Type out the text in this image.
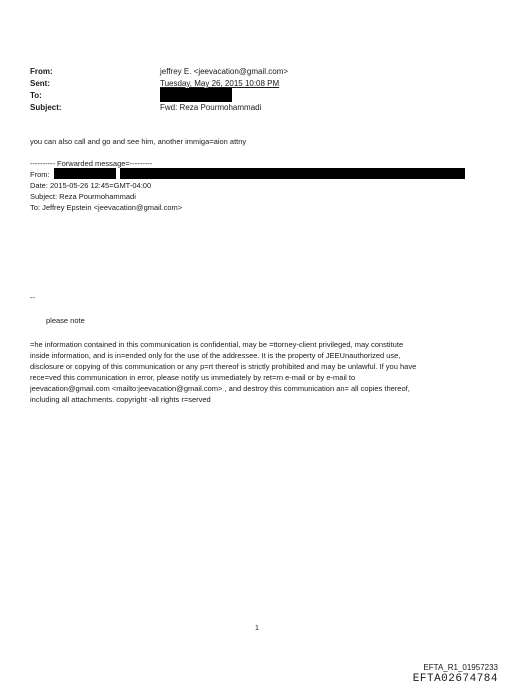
From:
Sent:
To:
Subject:
jeffrey E. <jeevacation@gmail.com>
Tuesday, May 26, 2015 10:08 PM
Fwd: Reza Pourmohammadi
you can also call and go and see him, another immiga=aion attny
---------- Forwarded message=---------
From:
Date: 2015-05-26 12:45=GMT-04:00
Subject: Reza Pourmohammadi
To: Jeffrey Epstein <jeevacation@gmail.com>
--
please note
=he information contained in this communication is confidential, may be =ttorney-client privileged, may constitute
inside information, and is in=ended only for the use of the addressee. It is the property of JEEUnauthorized use,
disclosure or copying of this communication or any p=rt thereof is strictly prohibited and may be unlawful. If you have
rece=ved this communication in error, please notify us immediately by ret=rn e-mail or by e-mail to
jeevacation@gmail.com <mailto:jeevacation@gmail.com> , and destroy this communication an= all copies thereof,
including all attachments. copyright -all rights r=served
1
EFTA_R1_01957233
EFTA02674784
